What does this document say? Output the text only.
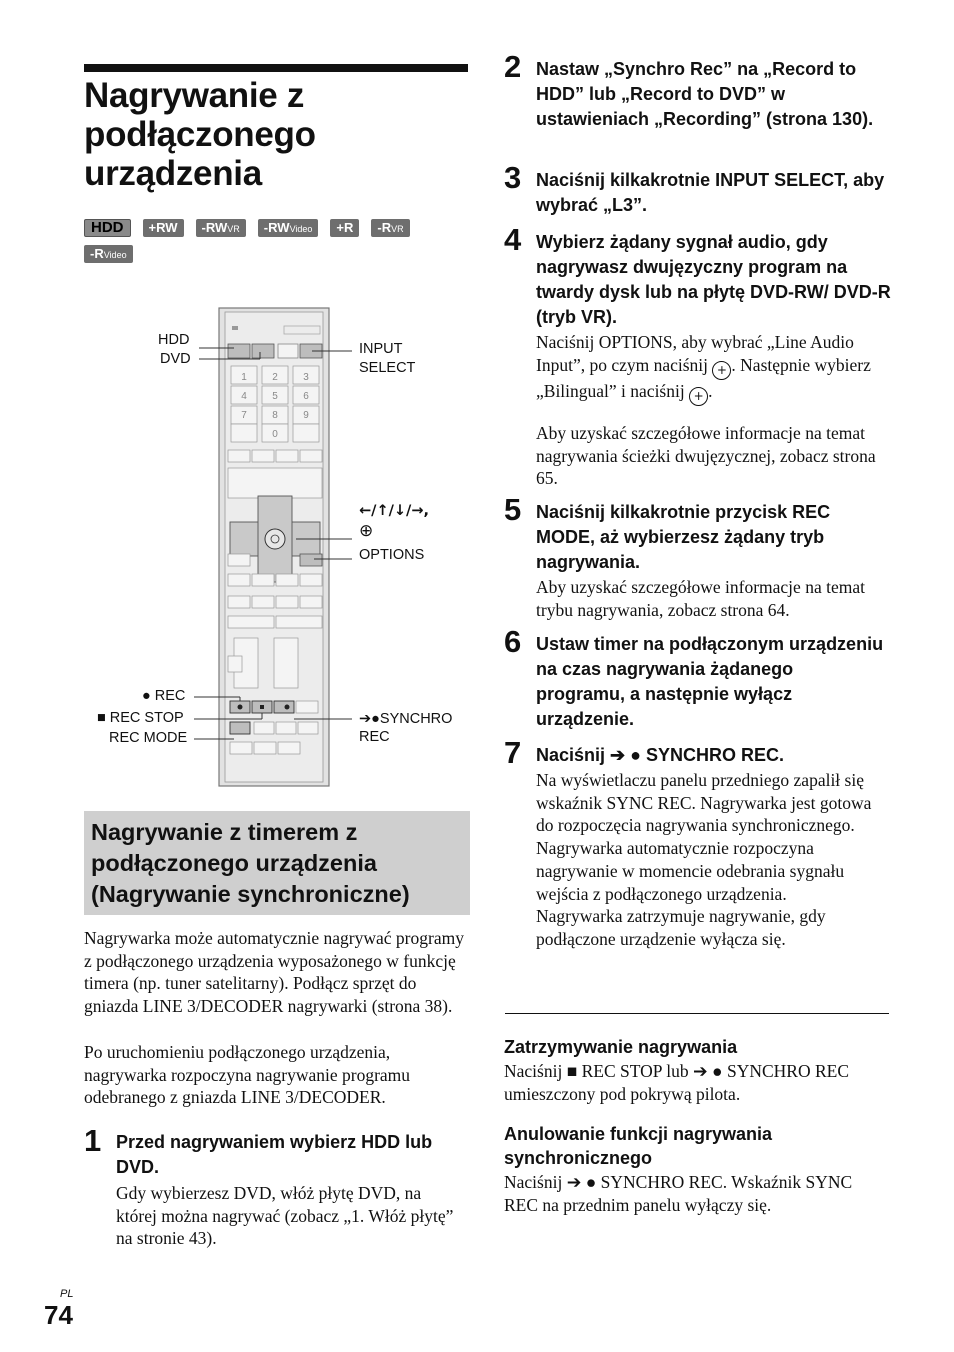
Nagrywanie z podłączonego urządzenia
HDD +RW -RWVR -RWVideo +R -RVR -RVideo
1	2	3
4	5	6
7	8	9
0
HDD
DVD
INPUT SELECT
←/↑/↓/→,
⊕
OPTIONS
● REC
■ REC STOP
REC MODE
➔●SYNCHRO
REC
Nagrywanie z timerem z podłączonego urządzenia (Nagrywanie synchroniczne)
Nagrywarka może automatycznie nagrywać programy z podłączonego urządzenia wyposażonego w funkcję timera (np. tuner satelitarny). Podłącz sprzęt do gniazda LINE 3/DECODER nagrywarki (strona 38).
Po uruchomieniu podłączonego urządzenia, nagrywarka rozpoczyna nagrywanie programu odebranego z gniazda LINE 3/DECODER.
1 Przed nagrywaniem wybierz HDD lub DVD.
Gdy wybierzesz DVD, włóż płytę DVD, na której można nagrywać (zobacz „1. Włóż płytę” na stronie 43).
2 Nastaw „Synchro Rec” na „Record to HDD” lub „Record to DVD” w ustawieniach „Recording” (strona 130).
3 Naciśnij kilkakrotnie INPUT SELECT, aby wybrać „L3”.
4 Wybierz żądany sygnał audio, gdy nagrywasz dwujęzyczny program na twardy dysk lub na płytę DVD-RW/ DVD-R (tryb VR).
Naciśnij OPTIONS, aby wybrać „Line Audio Input”, po czym naciśnij + . Następnie wybierz „Bilingual” i naciśnij + .
Aby uzyskać szczegółowe informacje na temat nagrywania ścieżki dwujęzycznej, zobacz strona 65.
5 Naciśnij kilkakrotnie przycisk REC MODE, aż wybierzesz żądany tryb nagrywania.
Aby uzyskać szczegółowe informacje na temat trybu nagrywania, zobacz strona 64.
6 Ustaw timer na podłączonym urządzeniu na czas nagrywania żądanego programu, a następnie wyłącz urządzenie.
7 Naciśnij ➔ ● SYNCHRO REC.
Na wyświetlaczu panelu przedniego zapalił się wskaźnik SYNC REC. Nagrywarka jest gotowa do rozpoczęcia nagrywania synchronicznego. Nagrywarka automatycznie rozpoczyna nagrywanie w momencie odebrania sygnału wejścia z podłączonego urządzenia. Nagrywarka zatrzymuje nagrywanie, gdy podłączone urządzenie wyłącza się.
Zatrzymywanie nagrywania
Naciśnij ■ REC STOP lub ➔ ● SYNCHRO REC umieszczony pod pokrywą pilota.
Anulowanie funkcji nagrywania synchronicznego
Naciśnij ➔ ● SYNCHRO REC. Wskaźnik SYNC REC na przednim panelu wyłączy się.
PL
74
